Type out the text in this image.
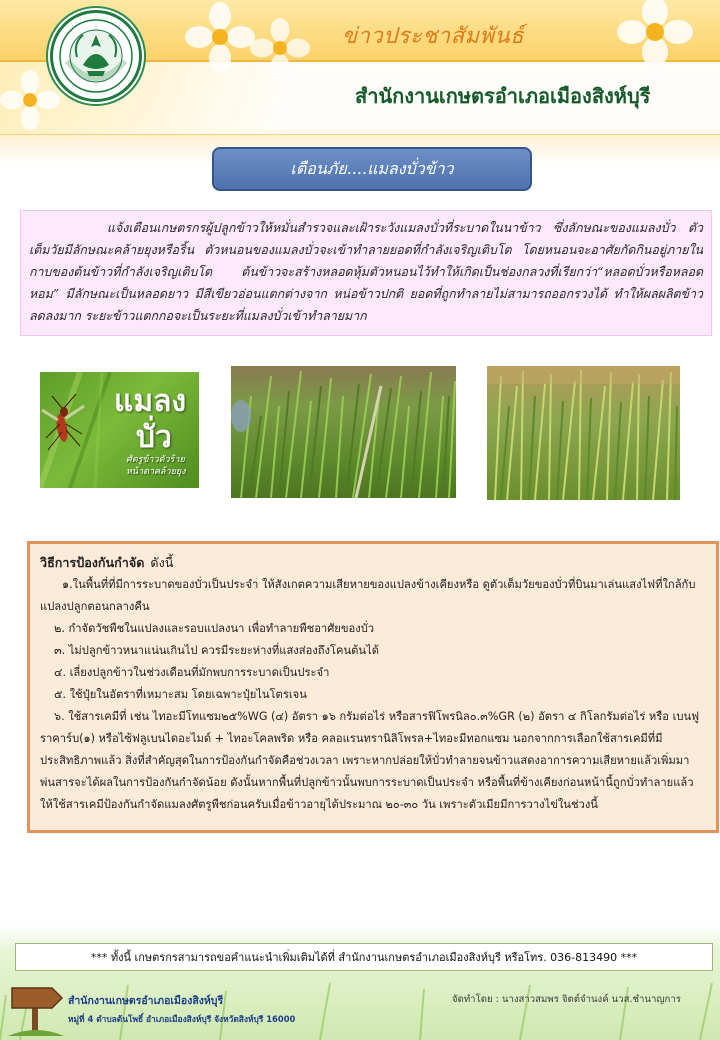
ข่าวประชาสัมพันธ์
สำนักงานเกษตรอำเภอเมืองสิงห์บุรี
เตือนภัย....แมลงบั่วข้าว

แจ้งเตือนเกษตรกรผู้ปลูกข้าวให้หมั่นสำรวจและเฝ้าระวังแมลงบั่วที่ระบาดในนาข้าว ซึ่งลักษณะของแมลงบั่ว ตัวเต็มวัยมีลักษณะคล้ายยุงหรือริ้น ตัวหนอนของแมลงบั่วจะเข้าทำลายยอดที่กำลังเจริญเติบโต โดยหนอนจะอาศัยกัดกินอยู่ภายในกาบของต้นข้าวที่กำลังเจริญเติบโต ต้นข้าวจะสร้างหลอดหุ้มตัวหนอนไว้ทำให้เกิดเป็นช่องกลวงที่เรียกว่า“หลอดบั่วหรือหลอดหอม” มีลักษณะเป็นหลอดยาว มีสีเขียวอ่อนแตกต่างจาก หน่อข้าวปกติ ยอดที่ถูกทำลายไม่สามารถออกรวงได้ ทำให้ผลผลิตข้าวลดลงมาก ระยะข้าวแตกกอจะเป็นระยะที่แมลงบั่วเข้าทำลายมาก

แมลง
บั่ว
ศัตรูข้าวตัวร้าย
หน้าตาคล้ายยุง
วิธีการป้องกันกำจัด ดังนี้

๑.ในพื้นที่ที่มีการระบาดของบั่วเป็นประจำ ให้สังเกตความเสียหายของแปลงข้างเคียงหรือ ดูตัวเต็มวัยของบั่วที่บินมาเล่นแสงไฟที่ใกล้กับแปลงปลูกตอนกลางคืน

๒. กำจัดวัชพืชในแปลงและรอบแปลงนา เพื่อทำลายพืชอาศัยของบั่ว

๓. ไม่ปลูกข้าวหนาแน่นเกินไป ควรมีระยะห่างที่แสงส่องถึงโคนต้นได้

๔. เลี่ยงปลูกข้าวในช่วงเดือนที่มักพบการระบาดเป็นประจำ

๕. ใช้ปุ๋ยในอัตราที่เหมาะสม โดยเฉพาะปุ๋ยไนโตรเจน

๖. ใช้สารเคมีที่ เช่น ไทอะมีโทแซม๒๕%WG (๔) อัตรา ๑๖ กรัมต่อไร่ หรือสารฟิโพรนิล๐.๓%GR (๒) อัตรา ๔ กิโลกรัมต่อไร่ หรือ เบนฟูราคาร์บ(๑) หรือไซ้ฟลูเบนไดอะไมด์ + ไทอะโคลพริด หรือ คลอแรนทรานิลิโพรล+ไทอะมีทอกแซม นอกจากการเลือกใช้สารเคมีที่มีประสิทธิภาพแล้ว สิ่งที่สำคัญสุดในการป้องกันกำจัดคือช่วงเวลา เพราะหากปล่อยให้บั่วทำลายจนข้าวแสดงอาการความเสียหายแล้วเพิ่มมาพ่นสารจะได้ผลในการป้องกันกำจัดน้อย ดังนั้นหากพื้นที่ปลูกข้าวนั้นพบการระบาดเป็นประจำ หรือพื้นที่ข้างเคียงก่อนหน้านี้ถูกบั่วทำลายแล้ว ให้ใช้สารเคมีป้องกันกำจัดแมลงศัตรูพืชก่อนครับเมื่อข้าวอายุได้ประมาณ ๒๐-๓๐ วัน เพราะตัวเมียมีการวางไข่ในช่วงนี้

*** ทั้งนี้ เกษตรกรสามารถขอคำแนะนำเพิ่มเติมได้ที่ สำนักงานเกษตรอำเภอเมืองสิงห์บุรี หรือโทร. 036-813490 ***
สำนักงานเกษตรอำเภอเมืองสิงห์บุรี
หมู่ที่ 4 ตำบลต้นโพธิ์ อำเภอเมืองสิงห์บุรี จังหวัดสิงห์บุรี 16000
จัดทำโดย : นางสาวสมพร จิตต์จำนงค์ นวส.ชำนาญการ
